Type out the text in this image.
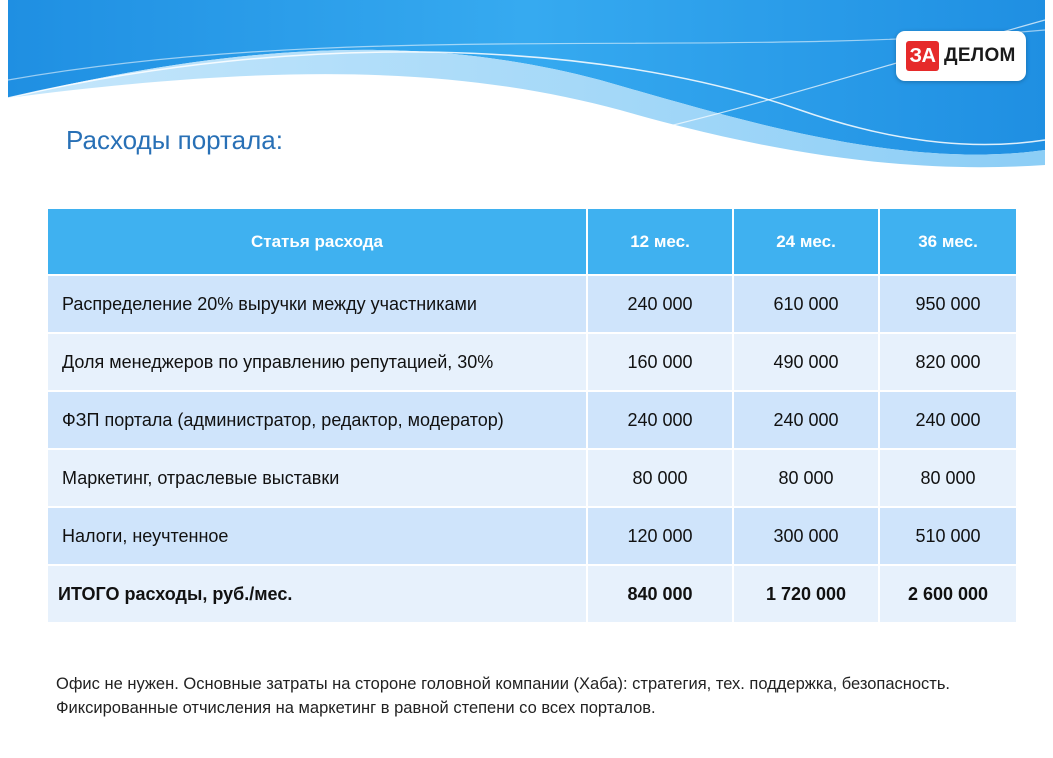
ЗА ДЕЛОМ
Расходы портала:
Статья расхода	12 мес.	24 мес.	36 мес.
Распределение 20% выручки между участниками	240 000	610 000	950 000
Доля менеджеров по управлению репутацией, 30%	160 000	490 000	820 000
ФЗП портала (администратор, редактор, модератор)	240 000	240 000	240 000
Маркетинг, отраслевые выставки	80 000	80 000	80 000
Налоги, неучтенное	120 000	300 000	510 000
ИТОГО расходы, руб./мес.	840 000	1 720 000	2 600 000

Офис не нужен. Основные затраты на стороне головной компании (Хаба): стратегия, тех. поддержка, безопасность. Фиксированные отчисления на маркетинг в равной степени со всех порталов.
